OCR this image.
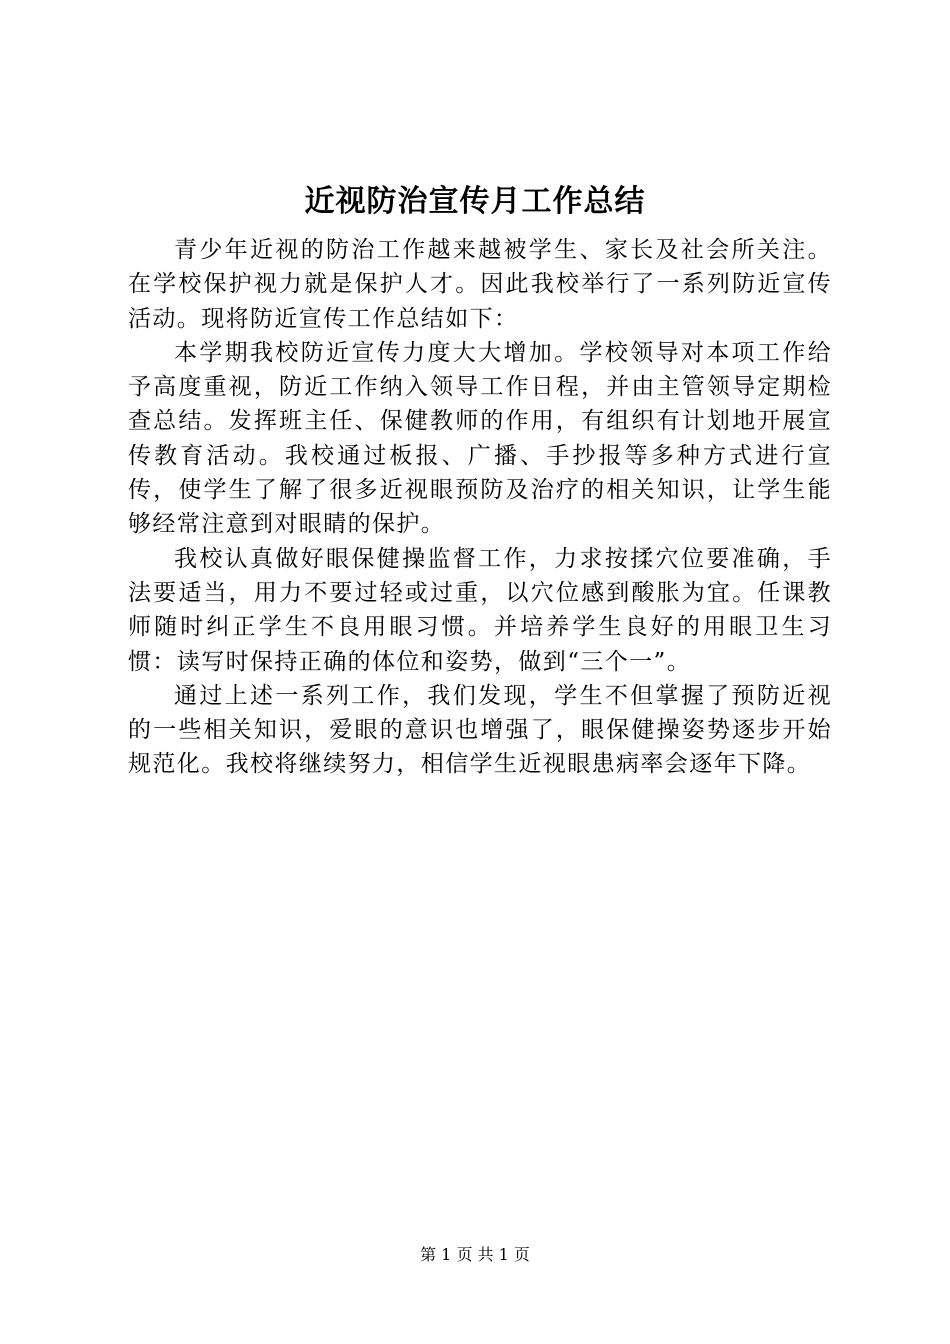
近视防治宣传月工作总结

青少年近视的防治工作越来越被学生、家长及社会所关注。在学校保护视力就是保护人才。因此我校举行了一系列防近宣传活动。现将防近宣传工作总结如下：

本学期我校防近宣传力度大大增加。学校领导对本项工作给予高度重视，防近工作纳入领导工作日程，并由主管领导定期检查总结。发挥班主任、保健教师的作用，有组织有计划地开展宣传教育活动。我校通过板报、广播、手抄报等多种方式进行宣传，使学生了解了很多近视眼预防及治疗的相关知识，让学生能够经常注意到对眼睛的保护。

我校认真做好眼保健操监督工作，力求按揉穴位要准确，手法要适当，用力不要过轻或过重，以穴位感到酸胀为宜。任课教师随时纠正学生不良用眼习惯。并培养学生良好的用眼卫生习惯：读写时保持正确的体位和姿势，做到“三个一”。

通过上述一系列工作，我们发现，学生不但掌握了预防近视的一些相关知识，爱眼的意识也增强了，眼保健操姿势逐步开始规范化。我校将继续努力，相信学生近视眼患病率会逐年下降。

第 1 页 共 1 页
